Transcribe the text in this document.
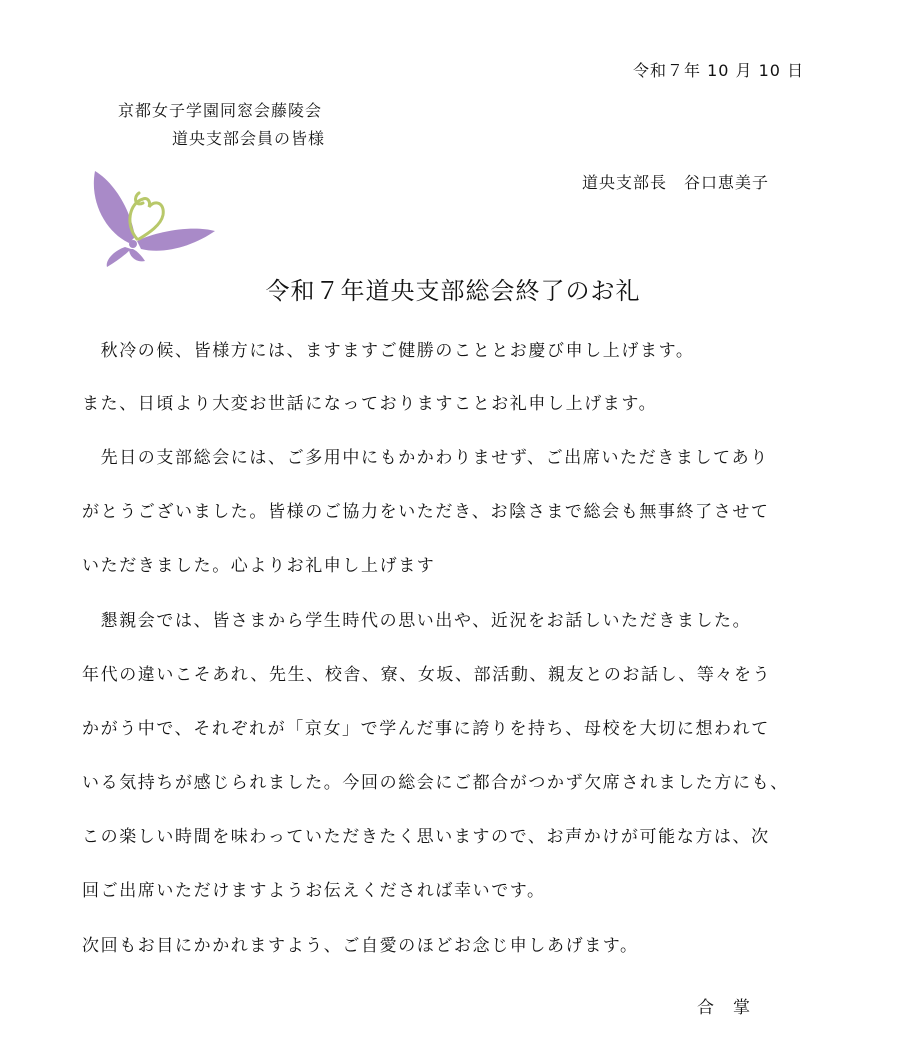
令和７年 10 月 10 日
京都女子学園同窓会藤陵会
道央支部会員の皆様
道央支部長　谷口恵美子
令和７年道央支部総会終了のお礼
　秋冷の候、皆様方には、ますますご健勝のこととお慶び申し上げます。
また、日頃より大変お世話になっておりますことお礼申し上げます。
　先日の支部総会には、ご多用中にもかかわりませず、ご出席いただきましてあり
がとうございました。皆様のご協力をいただき、お陰さまで総会も無事終了させて
いただきました。心よりお礼申し上げます
　懇親会では、皆さまから学生時代の思い出や、近況をお話しいただきました。
年代の違いこそあれ、先生、校舎、寮、女坂、部活動、親友とのお話し、等々をう
かがう中で、それぞれが「京女」で学んだ事に誇りを持ち、母校を大切に想われて
いる気持ちが感じられました。今回の総会にご都合がつかず欠席されました方にも、
この楽しい時間を味わっていただきたく思いますので、お声かけが可能な方は、次
回ご出席いただけますようお伝えくだされば幸いです。
次回もお目にかかれますよう、ご自愛のほどお念じ申しあげます。
合　掌
